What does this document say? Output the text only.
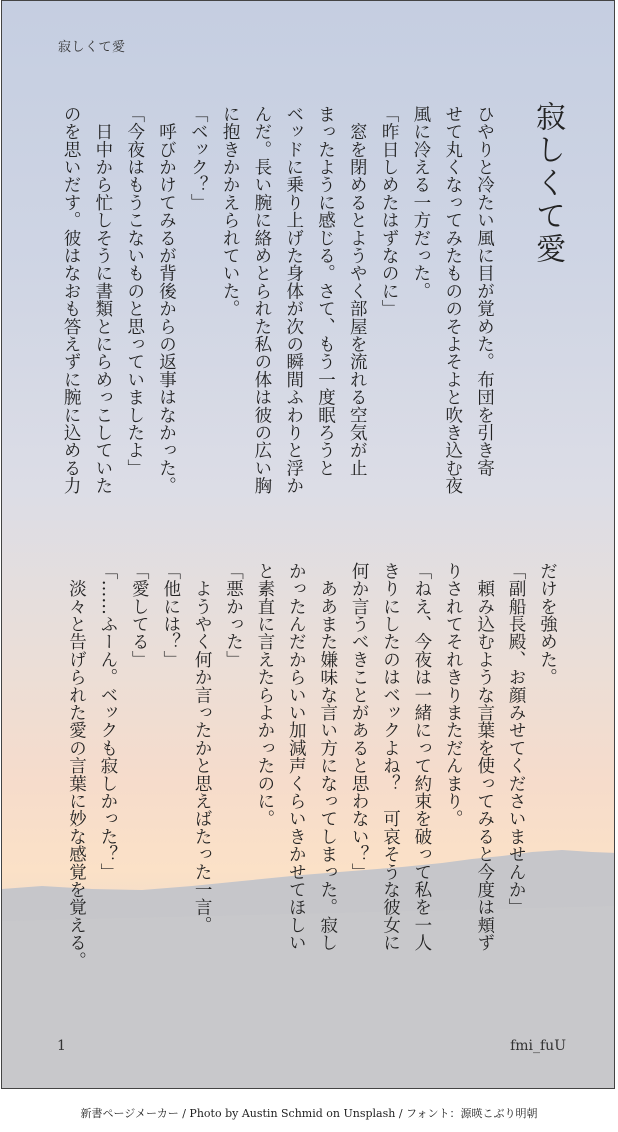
寂しくて愛
寂しくて愛
ひやりと冷たい風に目が覚めた。布団を引き寄
せて丸くなってみたもののそよそよと吹き込む夜
風に冷える一方だった。
「昨日しめたはずなのに」
　窓を閉めるとようやく部屋を流れる空気が止
まったように感じる。さて、もう一度眠ろうと
ベッドに乗り上げた身体が次の瞬間ふわりと浮か
んだ。長い腕に絡めとられた私の体は彼の広い胸
に抱きかかえられていた。
「ベック？」
　呼びかけてみるが背後からの返事はなかった。
「今夜はもうこないものと思っていましたよ」
　日中から忙しそうに書類とにらめっこしていた
のを思いだす。彼はなおも答えずに腕に込める力
だけを強めた。
「副船長殿、お顔みせてくださいませんか」
　頼み込むような言葉を使ってみると今度は頬ず
りされてそれきりまただんまり。
「ねえ、今夜は一緒にって約束を破って私を一人
きりにしたのはベックよね？　可哀そうな彼女に
何か言うべきことがあると思わない？」
　ああまた嫌味な言い方になってしまった。寂し
かったんだからいい加減声くらいきかせてほしい
と素直に言えたらよかったのに。
「悪かった」
　ようやく何か言ったかと思えばたった一言。
「他には？」
「愛してる」
「……ふーん。ベックも寂しかった？」
　淡々と告げられた愛の言葉に妙な感覚を覚える。
1	fmi_fuU
新書ページメーカー / Photo by Austin Schmid on Unsplash / フォント：源暎こぶり明朝
